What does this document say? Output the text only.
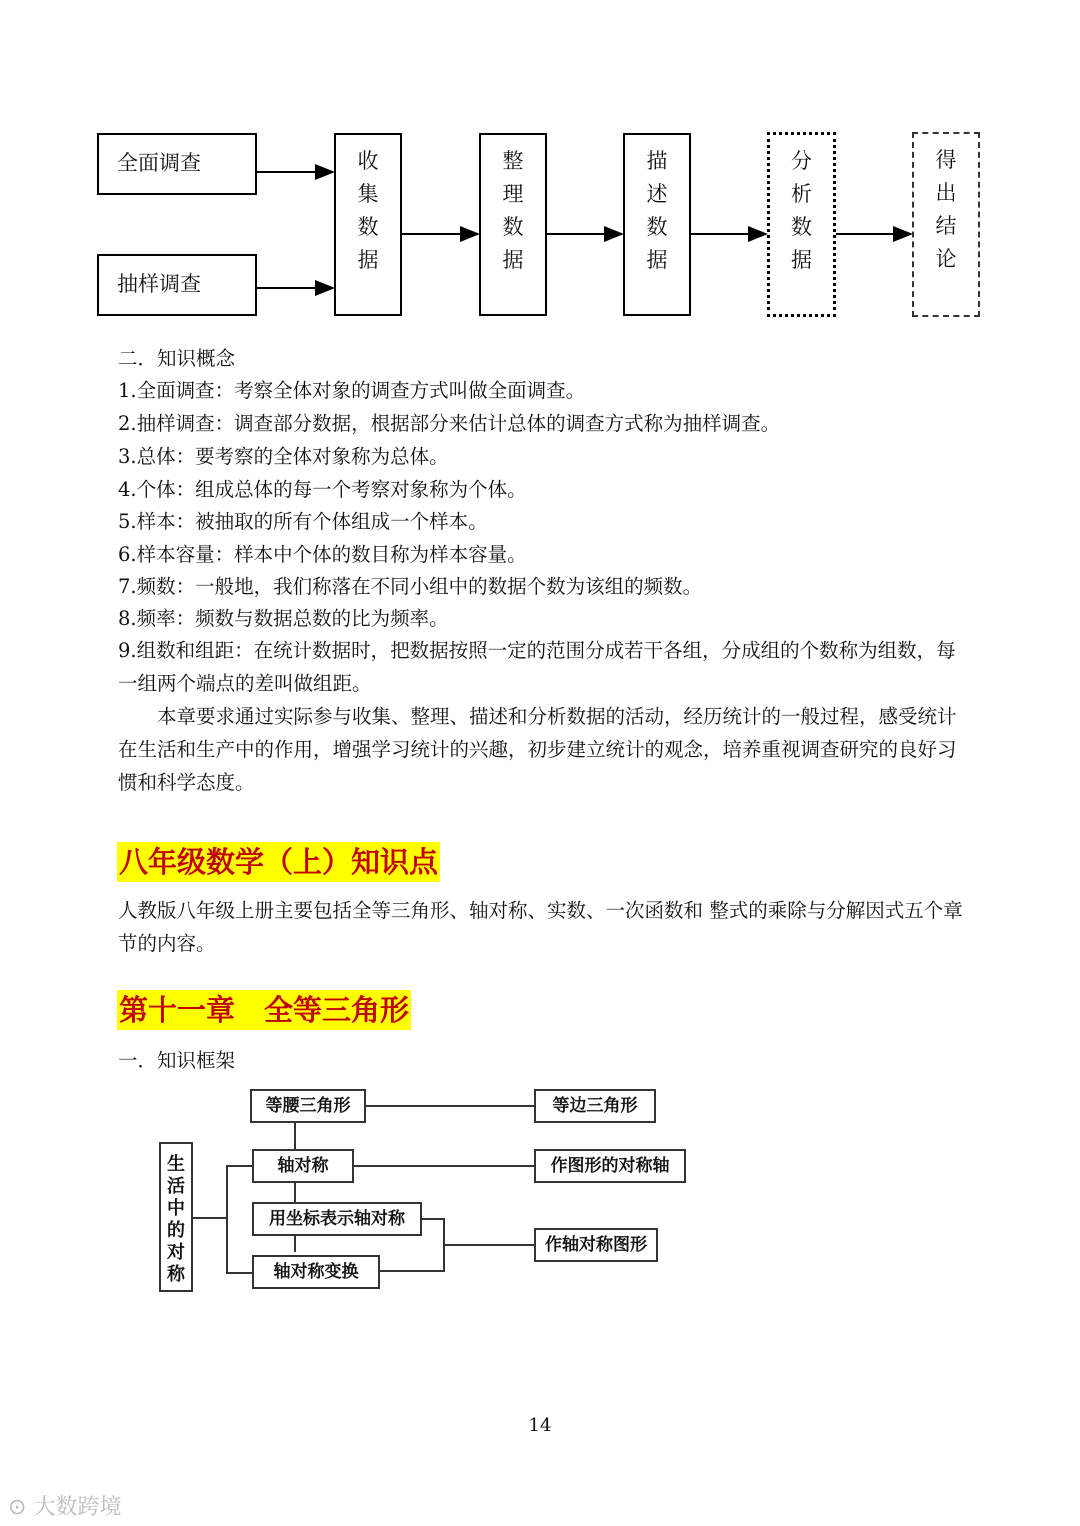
全面调查
抽样调查
收
集
数
据
整
理
数
据
描
述
数
据
分
析
数
据
得
出
结
论
二．知识概念
1.全面调查：考察全体对象的调查方式叫做全面调查。
2.抽样调查：调查部分数据，根据部分来估计总体的调查方式称为抽样调查。
3.总体：要考察的全体对象称为总体。
4.个体：组成总体的每一个考察对象称为个体。
5.样本：被抽取的所有个体组成一个样本。
6.样本容量：样本中个体的数目称为样本容量。
7.频数：一般地，我们称落在不同小组中的数据个数为该组的频数。
8.频率：频数与数据总数的比为频率。
9.组数和组距：在统计数据时，把数据按照一定的范围分成若干各组，分成组的个数称为组数，每一组两个端点的差叫做组距。
本章要求通过实际参与收集、整理、描述和分析数据的活动，经历统计的一般过程，感受统计在生活和生产中的作用，增强学习统计的兴趣，初步建立统计的观念，培养重视调查研究的良好习惯和科学态度。
八年级数学（上）知识点
人教版八年级上册主要包括全等三角形、轴对称、实数、一次函数和 整式的乘除与分解因式五个章节的内容。
第十一章　全等三角形
一．知识框架
生
活
中
的
对
称
等腰三角形	等边三角形
轴对称	作图形的对称轴
用坐标表示轴对称
作轴对称图形
轴对称变换
14
⊙ 大数跨境
